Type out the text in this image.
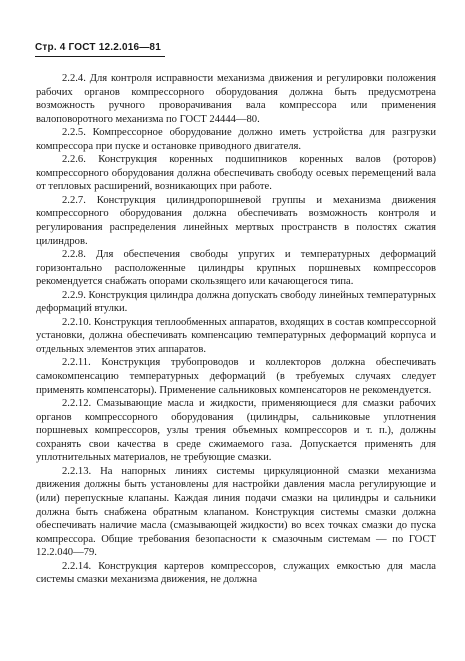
Стр. 4 ГОСТ 12.2.016—81

2.2.4. Для контроля исправности механизма движения и регулировки положения рабочих органов компрессорного оборудования должна быть предусмотрена возможность ручного проворачивания вала компрессора или применения валоповоротного механизма по ГОСТ 24444—80.

2.2.5. Компрессорное оборудование должно иметь устройства для разгрузки компрессора при пуске и остановке приводного двигателя.

2.2.6. Конструкция коренных подшипников коренных валов (роторов) компрессорного оборудования должна обеспечивать свободу осевых перемещений вала от тепловых расширений, возникающих при работе.

2.2.7. Конструкция цилиндропоршневой группы и механизма движения компрессорного оборудования должна обеспечивать возможность контроля и регулирования распределения линейных мертвых пространств в полостях сжатия цилиндров.

2.2.8. Для обеспечения свободы упругих и температурных деформаций горизонтально расположенные цилиндры крупных поршневых компрессоров рекомендуется снабжать опорами скользящего или качающегося типа.

2.2.9. Конструкция цилиндра должна допускать свободу линейных температурных деформаций втулки.

2.2.10. Конструкция теплообменных аппаратов, входящих в состав компрессорной установки, должна обеспечивать компенсацию температурных деформаций корпуса и отдельных элементов этих аппаратов.

2.2.11. Конструкция трубопроводов и коллекторов должна обеспечивать самокомпенсацию температурных деформаций (в требуемых случаях следует применять компенсаторы). Применение сальниковых компенсаторов не рекомендуется.

2.2.12. Смазывающие масла и жидкости, применяющиеся для смазки рабочих органов компрессорного оборудования (цилиндры, сальниковые уплотнения поршневых компрессоров, узлы трения объемных компрессоров и т. п.), должны сохранять свои качества в среде сжимаемого газа. Допускается применять для уплотнительных материалов, не требующие смазки.

2.2.13. На напорных линиях системы циркуляционной смазки механизма движения должны быть установлены для настройки давления масла регулирующие и (или) перепускные клапаны. Каждая линия подачи смазки на цилиндры и сальники должна быть снабжена обратным клапаном. Конструкция системы смазки должна обеспечивать наличие масла (смазывающей жидкости) во всех точках смазки до пуска компрессора. Общие требования безопасности к смазочным системам — по ГОСТ 12.2.040—79.

2.2.14. Конструкция картеров компрессоров, служащих емкостью для масла системы смазки механизма движения, не должна
